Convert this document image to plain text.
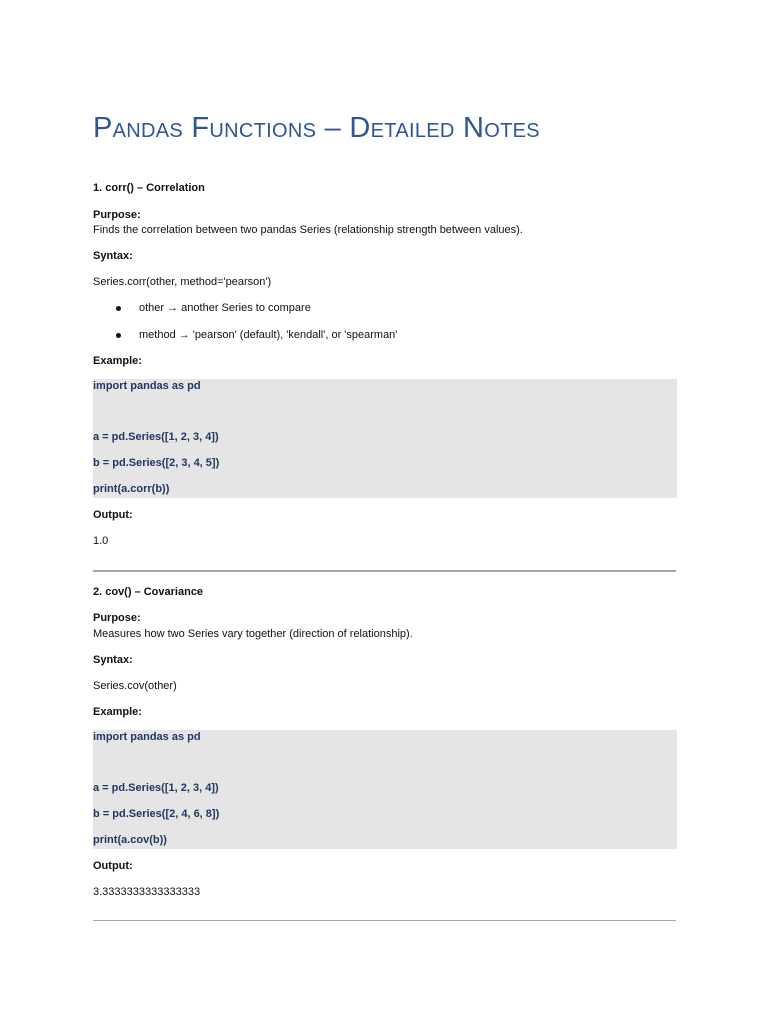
Pandas Functions – Detailed Notes
1. corr() – Correlation
Purpose:
Finds the correlation between two pandas Series (relationship strength between values).
Syntax:
Series.corr(other, method='pearson')
other → another Series to compare
method → 'pearson' (default), 'kendall', or 'spearman'
Example:
import pandas as pd
a = pd.Series([1, 2, 3, 4])
b = pd.Series([2, 3, 4, 5])
print(a.corr(b))
Output:
1.0
2. cov() – Covariance
Purpose:
Measures how two Series vary together (direction of relationship).
Syntax:
Series.cov(other)
Example:
import pandas as pd
a = pd.Series([1, 2, 3, 4])
b = pd.Series([2, 4, 6, 8])
print(a.cov(b))
Output:
3.3333333333333333
